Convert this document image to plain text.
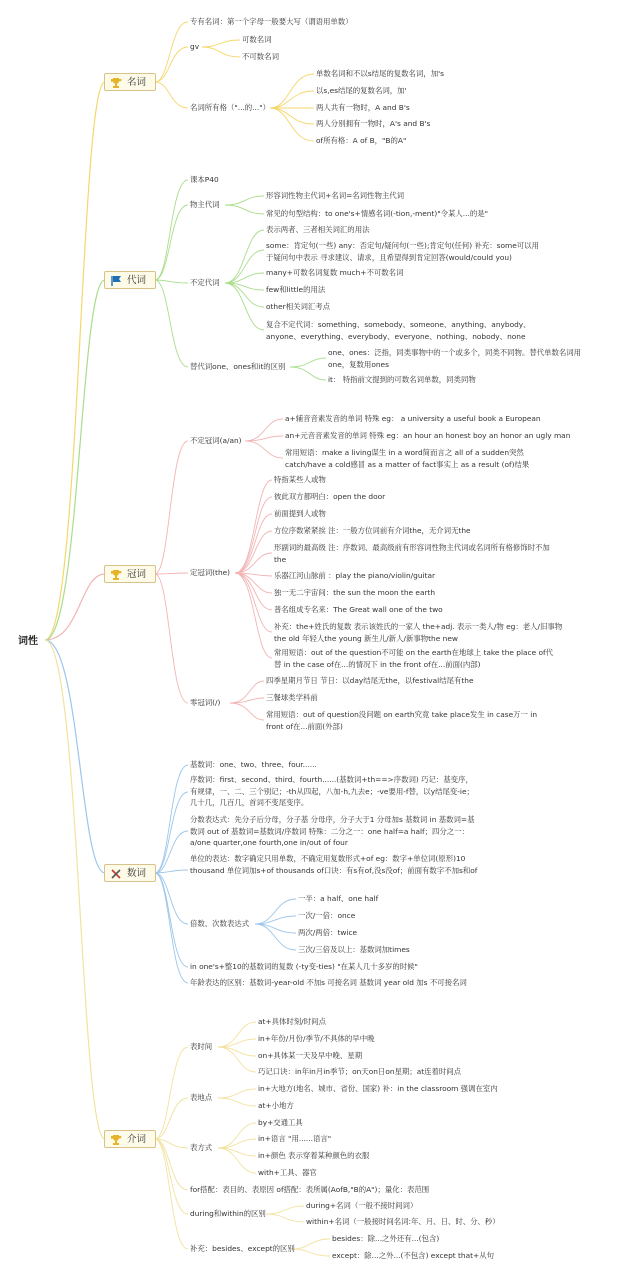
词性
名词
代词
冠词
数词
介词
专有名词：第一个字母一般要大写（谓语用单数）
gv
可数名词
不可数名词
名词所有格（"...的..."）
单数名词和不以s结尾的复数名词，加's
以s,es结尾的复数名词，加'
两人共有一物时，A and B's
两人分别拥有一物时，A's and B's
of所有格：A of B，"B的A"
课本P40
物主代词
形容词性物主代词+名词=名词性物主代词
常见的句型结构：to one's+情感名词(-tion,-ment)"令某人...的是"
不定代词
表示两者、三者相关词汇的用法
some：肯定句(一些) any：否定句/疑问句(一些);肯定句(任何) 补充：some可以用于疑问句中表示 寻求建议、请求，且希望得到肯定回答(would/could you)
many+可数名词复数 much+不可数名词
few和little的用法
other相关词汇考点
复合不定代词：something、somebody、someone、anything、anybody、anyone、everything、everybody、everyone、nothing、nobody、none
替代词one、ones和it的区别
one、ones：泛指，同类事物中的一个或多个，同类不同物。替代单数名词用one，复数用ones
it： 特指前文提到的可数名词单数，同类同物
不定冠词(a/an)
a+辅音音素发音的单词 特殊 eg： a university a useful book a European
an+元音音素发音的单词 特殊 eg：an hour an honest boy an honor an ugly man
常用短语：make a living谋生 in a word简而言之 all of a sudden突然 catch/have a cold感冒 as a matter of fact事实上 as a result (of)结果
定冠词(the)
特指某些人或物
彼此双方都明白：open the door
前面提到人或物
方位序数紧紧挨 注：一般方位词前有介词the，无介词无the
形副词的最高级 注：序数词、最高级前有形容词性物主代词或名词所有格修饰时不加the
乐器江河山脉前 ：play the piano/violin/guitar
独一无二宇宙间：the sun the moon the earth
普名组成专名来：The Great wall one of the two
补充：the+姓氏的复数 表示该姓氏的一家人 the+adj. 表示一类人/物 eg：老人/旧事物the old 年轻人the young 新生儿/新人/新事物the new
常用短语：out of the question不可能 on the earth在地球上 take the place of代替 in the case of在...的情况下 in the front of在...前面(内部)
零冠词(/)
四季星期月节日 节日：以day结尾无the，以festival结尾有the
三餐球类学科前
常用短语：out of question没问题 on earth究竟 take place发生 in case万一 in front of在...前面(外部)
基数词：one、two、three、four......
序数词：first、second、third、fourth......(基数词+th==>序数词) 巧记：基变序，有规律，一、二、三个别记；-th从四起，八加-h,九去e；-ve要用-f替，以y结尾变-ie；几十几，几百几，首词不变尾变序。
分数表达式：先分子后分母，分子基 分母序，分子大于1 分母加s 基数词 in 基数词=基数词 out of 基数词=基数词/序数词 特殊：二分之一：one half=a half；四分之一：a/one quarter,one fourth,one in/out of four
单位的表达：数字确定只用单数，不确定用复数形式+of eg：数字+单位词(原形)10 thousand 单位词加s+of thousands of口诀：有s有of,没s没of；前面有数字不加s和of
倍数、次数表达式
一半：a half、one half
一次/一倍：once
两次/两倍：twice
三次/三倍及以上：基数词加times
in one's+整10的基数词的复数 (-ty变-ties) "在某人几十多岁的时候"
年龄表达的区别：基数词-year-old 不加s 可接名词 基数词 year old 加s 不可接名词
表时间
at+具体时刻/时间点
in+年份/月份/季节/不具体的早中晚
on+具体某一天及早中晚、星期
巧记口诀：in年in月in季节；on天on日on星期；at连着时间点
表地点
in+大地方(地名、城市、省份、国家) 补：in the classroom 强调在室内
at+小地方
表方式
by+交通工具
in+语言 "用......语言"
in+颜色 表示穿着某种颜色的衣服
with+工具、器官
for搭配：表目的、表原因 of搭配：表所属(AofB,"B的A")；量化：表范围
during和within的区别
during+名词（一般不接时间词）
within+名词（一般接时间名词:年、月、日、时、分、秒）
补充：besides、except的区别
besides：除...之外还有...(包含)
except：除...之外...(不包含) except that+从句
